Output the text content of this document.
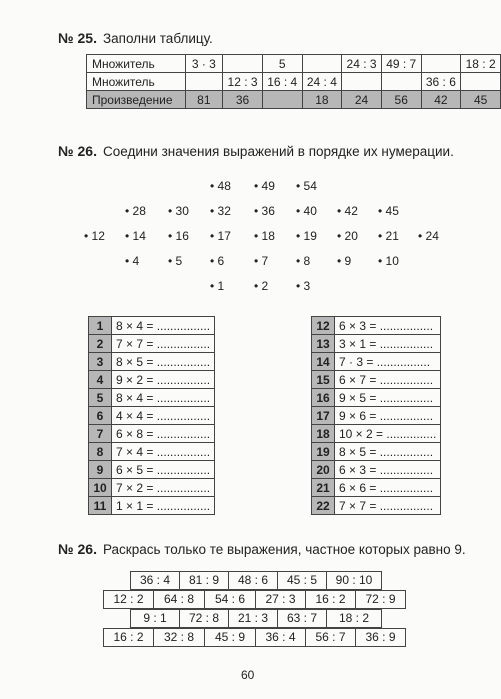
№ 25. Заполни таблицу.
Множитель	3 · 3		5		24 : 3	49 : 7		18 : 2
Множитель		12 : 3	16 : 4	24 : 4			36 : 6	
Произведение	81	36		18	24	56	42	45
№ 26. Соедини значения выражений в порядке их нумерации.
• 48 • 49 • 54
• 28 • 30 • 32 • 36 • 40 • 42 • 45
• 12 • 14 • 16 • 17 • 18 • 19 • 20 • 21 • 24
• 4 • 5 • 6 • 7 • 8 • 9 • 10
• 1 • 2 • 3
1	8 × 4 = ................
2	7 × 7 = ................
3	8 × 5 = ................
4	9 × 2 = ................
5	8 × 4 = ................
6	4 × 4 = ................
7	6 × 8 = ................
8	7 × 4 = ................
9	6 × 5 = ................
10	7 × 2 = ................
11	1 × 1 = ................
12	6 × 3 = ................
13	3 × 1 = ................
14	7 · 3 = ................
15	6 × 7 = ................
16	9 × 5 = ................
17	9 × 6 = ................
18	10 × 2 = ...............
19	8 × 5 = ................
20	6 × 3 = ................
21	6 × 6 = ................
22	7 × 7 = ................
№ 26. Раскрась только те выражения, частное которых равно 9.
36 : 4	81 : 9	48 : 6	45 : 5	90 : 10
12 : 2	64 : 8	54 : 6	27 : 3	16 : 2	72 : 9
9 : 1	72 : 8	21 : 3	63 : 7	18 : 2
16 : 2	32 : 8	45 : 9	36 : 4	56 : 7	36 : 9
60
